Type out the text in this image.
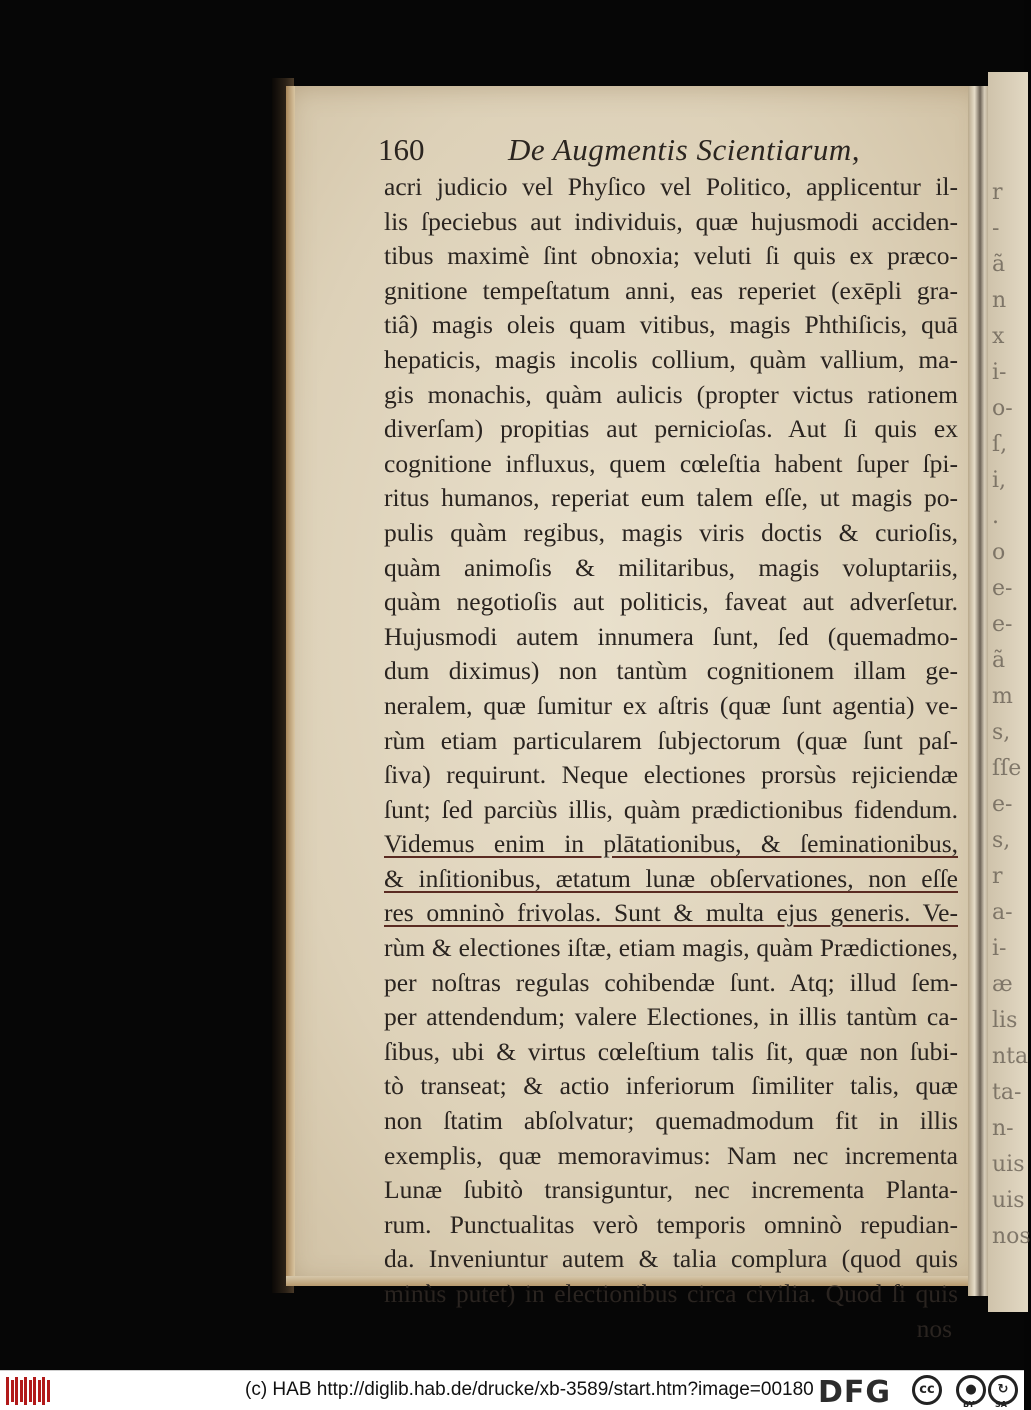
r
-
ã
n
x
i-
o-
ſ,
i,
.
o
e-
e-
ã
m
s,
ſſe
e-
s,
r
a-
i-
æ
lis
nta
ta-
n-
uis
uis
nos
160	De Augmentis Scientiarum,
acri judicio vel Phyſico vel Politico, applicentur il-
lis ſpeciebus aut individuis, quæ hujusmodi acciden-
tibus maximè ſint obnoxia; veluti ſi quis ex præco-
gnitione tempeſtatum anni, eas reperiet (exēpli gra-
tiâ) magis oleis quam vitibus, magis Phthiſicis, quā
hepaticis, magis incolis collium, quàm vallium, ma-
gis monachis, quàm aulicis (propter victus rationem
diverſam) propitias aut pernicioſas. Aut ſi quis ex
cognitione influxus, quem cœleſtia habent ſuper ſpi-
ritus humanos, reperiat eum talem eſſe, ut magis po-
pulis quàm regibus, magis viris doctis & curioſis,
quàm animoſis & militaribus, magis voluptariis,
quàm negotioſis aut politicis, faveat aut adverſetur.
Hujusmodi autem innumera ſunt, ſed (quemadmo-
dum diximus) non tantùm cognitionem illam ge-
neralem, quæ ſumitur ex aſtris (quæ ſunt agentia) ve-
rùm etiam particularem ſubjectorum (quæ ſunt paſ-
ſiva) requirunt. Neque electiones prorsùs rejiciendæ
ſunt; ſed parciùs illis, quàm prædictionibus fidendum.
Videmus enim in plātationibus, & ſeminationibus,
& inſitionibus, ætatum lunæ obſervationes, non eſſe
res omninò frivolas. Sunt & multa ejus generis. Ve-
rùm & electiones iſtæ, etiam magis, quàm Prædictiones,
per noſtras regulas cohibendæ ſunt. Atq; illud ſem-
per attendendum; valere Electiones, in illis tantùm ca-
ſibus, ubi & virtus cœleſtium talis ſit, quæ non ſubi-
tò transeat; & actio inferiorum ſimiliter talis, quæ
non ſtatim abſolvatur; quemadmodum fit in illis
exemplis, quæ memoravimus: Nam nec incrementa
Lunæ ſubitò transiguntur, nec incrementa Planta-
rum. Punctualitas verò temporis omninò repudian-
da. Inveniuntur autem & talia complura (quod quis
minùs putet) in electionibus circa civilia. Quod ſi quis
nos
(c) HAB http://diglib.hab.de/drucke/xb-3589/start.htm?image=00180 DFG	cc	●
BY
↻
SA
